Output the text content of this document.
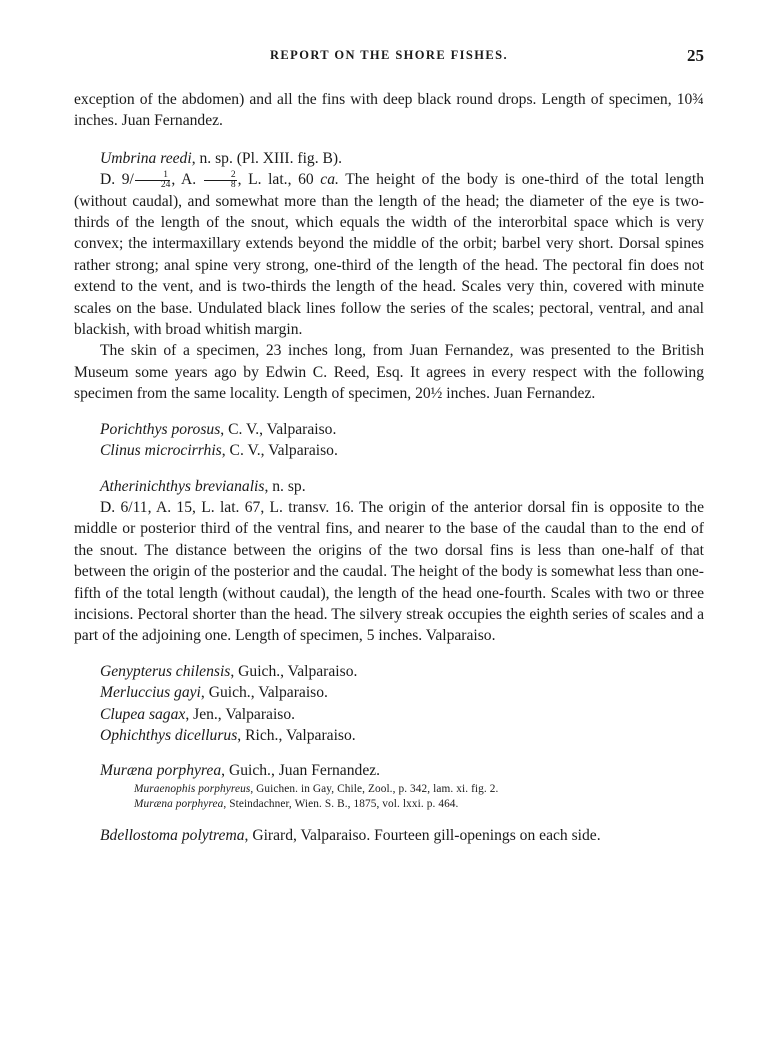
REPORT ON THE SHORE FISHES.	25

exception of the abdomen) and all the fins with deep black round drops. Length of specimen, 10¾ inches. Juan Fernandez.

Umbrina reedi, n. sp. (Pl. XIII. fig. B).

D. $9/ \frac{1}{24}$ , A. $\frac{2}{8}$ , L. lat., 60 ca. The height of the body is one-third of the total length (without caudal), and somewhat more than the length of the head; the diameter of the eye is two-thirds of the length of the snout, which equals the width of the interorbital space which is very convex; the intermaxillary extends beyond the middle of the orbit; barbel very short. Dorsal spines rather strong; anal spine very strong, one-third of the length of the head. The pectoral fin does not extend to the vent, and is two-thirds the length of the head. Scales very thin, covered with minute scales on the base. Undulated black lines follow the series of the scales; pectoral, ventral, and anal blackish, with broad whitish margin.

The skin of a specimen, 23 inches long, from Juan Fernandez, was presented to the British Museum some years ago by Edwin C. Reed, Esq. It agrees in every respect with the following specimen from the same locality. Length of specimen, 20½ inches. Juan Fernandez.

Porichthys porosus, C. V., Valparaiso.
Clinus microcirrhis, C. V., Valparaiso.
Atherinichthys brevianalis, n. sp.

D. 6/11, A. 15, L. lat. 67, L. transv. 16. The origin of the anterior dorsal fin is opposite to the middle or posterior third of the ventral fins, and nearer to the base of the caudal than to the end of the snout. The distance between the origins of the two dorsal fins is less than one-half of that between the origin of the posterior and the caudal. The height of the body is somewhat less than one-fifth of the total length (without caudal), the length of the head one-fourth. Scales with two or three incisions. Pectoral shorter than the head. The silvery streak occupies the eighth series of scales and a part of the adjoining one. Length of specimen, 5 inches. Valparaiso.

Genypterus chilensis, Guich., Valparaiso.
Merluccius gayi, Guich., Valparaiso.
Clupea sagax, Jen., Valparaiso.
Ophichthys dicellurus, Rich., Valparaiso.
Muræna porphyrea, Guich., Juan Fernandez.
Muraenophis porphyreus, Guichen. in Gay, Chile, Zool., p. 342, lam. xi. fig. 2.
Muræna porphyrea, Steindachner, Wien. S. B., 1875, vol. lxxi. p. 464.
Bdellostoma polytrema, Girard, Valparaiso. Fourteen gill-openings on each side.
